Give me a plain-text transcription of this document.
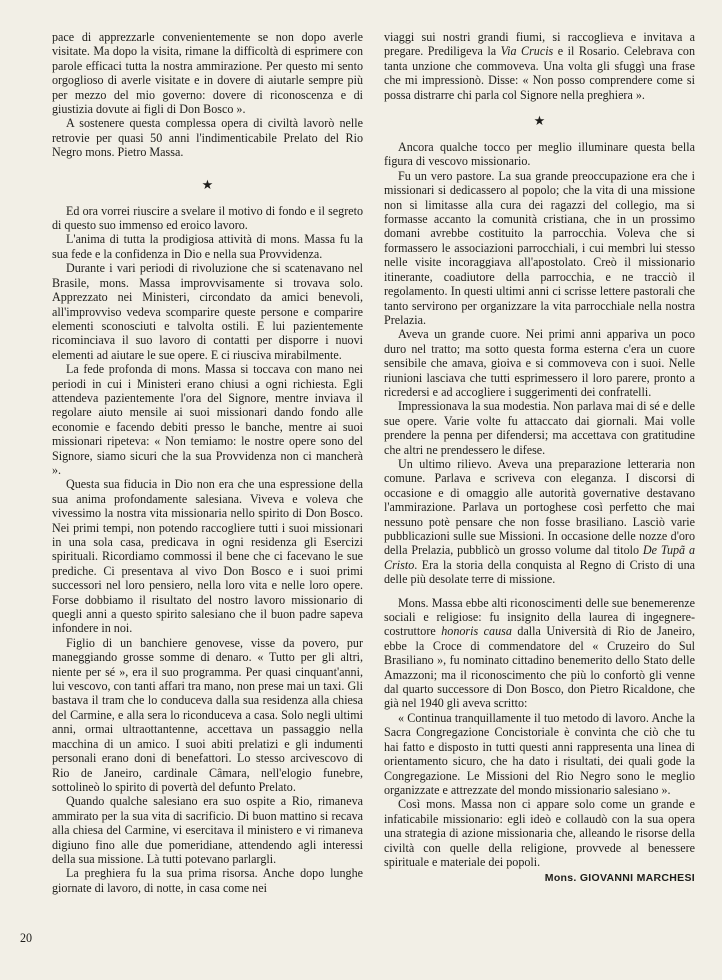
pace di apprezzarle convenientemente se non dopo averle visitate. Ma dopo la visita, rimane la difficoltà di esprimere con parole efficaci tutta la nostra ammirazione. Per questo mi sento orgoglioso di averle visitate e in dovere di aiutarle sempre più per mezzo del mio governo: dovere di riconoscenza e di giustizia dovute ai figli di Don Bosco ».

A sostenere questa complessa opera di civiltà lavorò nelle retrovie per quasi 50 anni l'indimenticabile Prelato del Rio Negro mons. Pietro Massa.

★

Ed ora vorrei riuscire a svelare il motivo di fondo e il segreto di questo suo immenso ed eroico lavoro.

L'anima di tutta la prodigiosa attività di mons. Massa fu la sua fede e la confidenza in Dio e nella sua Provvidenza.

Durante i vari periodi di rivoluzione che si scatenavano nel Brasile, mons. Massa improvvisamente si trovava solo. Apprezzato nei Ministeri, circondato da amici benevoli, all'improvviso vedeva scomparire queste persone e comparire elementi sconosciuti e talvolta ostili. E lui pazientemente ricominciava il suo lavoro di contatti per disporre i nuovi elementi ad aiutare le sue opere. E ci riusciva mirabilmente.

La fede profonda di mons. Massa si toccava con mano nei periodi in cui i Ministeri erano chiusi a ogni richiesta. Egli attendeva pazientemente l'ora del Signore, mentre inviava il regolare aiuto mensile ai suoi missionari dando fondo alle economie e facendo debiti presso le banche, mentre ai suoi missionari ripeteva: « Non temiamo: le nostre opere sono del Signore, siamo sicuri che la sua Provvidenza non ci mancherà ».

Questa sua fiducia in Dio non era che una espressione della sua anima profondamente salesiana. Viveva e voleva che vivessimo la nostra vita missionaria nello spirito di Don Bosco. Nei primi tempi, non potendo raccogliere tutti i suoi missionari in una sola casa, predicava in ogni residenza gli Esercizi spirituali. Ricordiamo commossi il bene che ci facevano le sue prediche. Ci presentava al vivo Don Bosco e i suoi primi successori nel loro pensiero, nella loro vita e nelle loro opere. Forse dobbiamo il risultato del nostro lavoro missionario di quegli anni a questo spirito salesiano che il buon padre sapeva infondere in noi.

Figlio di un banchiere genovese, visse da povero, pur maneggiando grosse somme di denaro. « Tutto per gli altri, niente per sé », era il suo programma. Per quasi cinquant'anni, lui vescovo, con tanti affari tra mano, non prese mai un taxi. Gli bastava il tram che lo conduceva dalla sua residenza alla chiesa del Carmine, e alla sera lo riconduceva a casa. Solo negli ultimi anni, ormai ultraottantenne, accettava un passaggio nella macchina di un amico. I suoi abiti prelatizi e gli indumenti personali erano doni di benefattori. Lo stesso arcivescovo di Rio de Janeiro, cardinale Câmara, nell'elogio funebre, sottolineò lo spirito di povertà del defunto Prelato.

Quando qualche salesiano era suo ospite a Rio, rimaneva ammirato per la sua vita di sacrificio. Di buon mattino si recava alla chiesa del Carmine, vi esercitava il ministero e vi rimaneva digiuno fino alle due pomeridiane, attendendo agli interessi della sua missione. Là tutti potevano parlargli.

La preghiera fu la sua prima risorsa. Anche dopo lunghe giornate di lavoro, di notte, in casa come nei

viaggi sui nostri grandi fiumi, si raccoglieva e invitava a pregare. Prediligeva la Via Crucis e il Rosario. Celebrava con tanta unzione che commoveva. Una volta gli sfuggì una frase che mi impressionò. Disse: « Non posso comprendere come si possa distrarre chi parla col Signore nella preghiera ».

★

Ancora qualche tocco per meglio illuminare questa bella figura di vescovo missionario.

Fu un vero pastore. La sua grande preoccupazione era che i missionari si dedicassero al popolo; che la vita di una missione non si limitasse alla cura dei ragazzi del collegio, ma si formasse accanto la comunità cristiana, che in un prossimo domani avrebbe costituito la parrocchia. Voleva che si formassero le associazioni parrocchiali, i cui membri lui stesso nelle visite incoraggiava all'apostolato. Creò il missionario itinerante, coadiutore della parrocchia, e ne tracciò il regolamento. In questi ultimi anni ci scrisse lettere pastorali che tanto servirono per organizzare la vita parrocchiale nella nostra Prelazia.

Aveva un grande cuore. Nei primi anni appariva un poco duro nel tratto; ma sotto questa forma esterna c'era un cuore sensibile che amava, gioiva e si commoveva con i suoi. Nelle riunioni lasciava che tutti esprimessero il loro parere, pronto a ricredersi e ad accogliere i suggerimenti dei confratelli.

Impressionava la sua modestia. Non parlava mai di sé e delle sue opere. Varie volte fu attaccato dai giornali. Mai volle prendere la penna per difendersi; ma accettava con gratitudine che altri ne prendessero le difese.

Un ultimo rilievo. Aveva una preparazione letteraria non comune. Parlava e scriveva con eleganza. I discorsi di occasione e di omaggio alle autorità governative destavano l'ammirazione. Parlava un portoghese così perfetto che mai nessuno potè pensare che non fosse brasiliano. Lasciò varie pubblicazioni sulle sue Missioni. In occasione delle nozze d'oro della Prelazia, pubblicò un grosso volume dal titolo De Tupã a Cristo. Era la storia della conquista al Regno di Cristo di una delle più desolate terre di missione.

Mons. Massa ebbe alti riconoscimenti delle sue benemerenze sociali e religiose: fu insignito della laurea di ingegnere-costruttore honoris causa dalla Università di Rio de Janeiro, ebbe la Croce di commendatore del « Cruzeiro do Sul Brasiliano », fu nominato cittadino benemerito dello Stato delle Amazzoni; ma il riconoscimento che più lo confortò gli venne dal quarto successore di Don Bosco, don Pietro Ricaldone, che già nel 1940 gli aveva scritto:

« Continua tranquillamente il tuo metodo di lavoro. Anche la Sacra Congregazione Concistoriale è convinta che ciò che tu hai fatto e disposto in tutti questi anni rappresenta una linea di orientamento sicuro, che ha dato i risultati, dei quali gode la Congregazione. Le Missioni del Rio Negro sono le meglio organizzate e attrezzate del mondo missionario salesiano ».

Così mons. Massa non ci appare solo come un grande e infaticabile missionario: egli ideò e collaudò con la sua opera una strategia di azione missionaria che, alleando le risorse della civiltà con quelle della religione, provvede al benessere spirituale e materiale dei popoli.

Mons. GIOVANNI MARCHESI
20
